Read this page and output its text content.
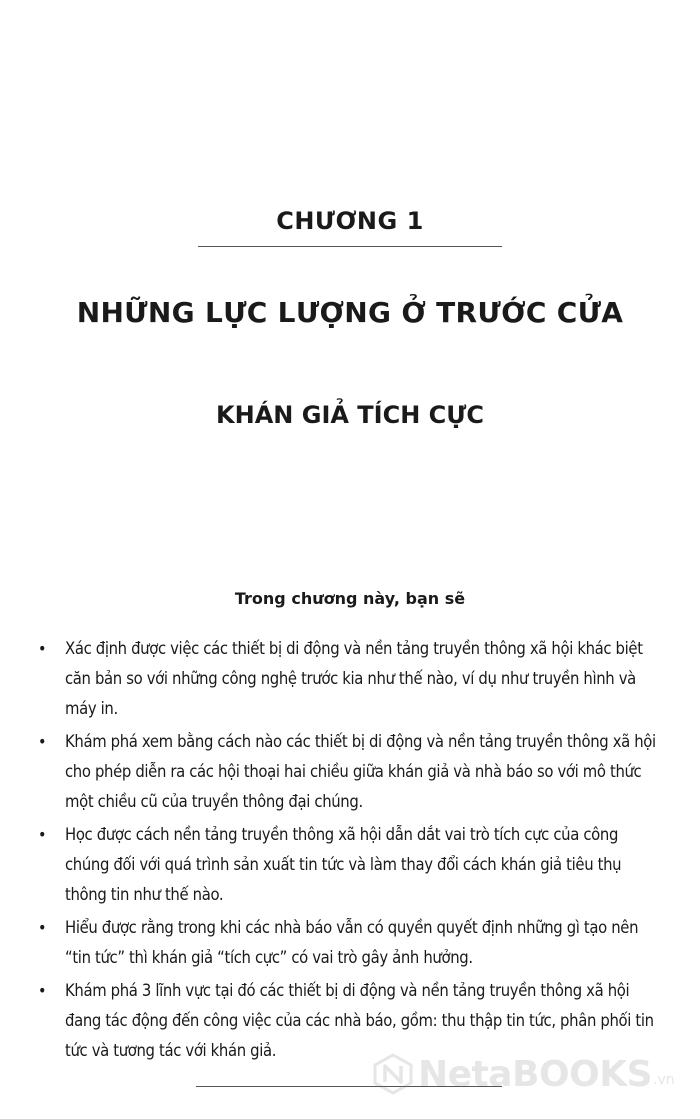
CHƯƠNG 1
NHỮNG LỰC LƯỢNG Ở TRƯỚC CỬA
KHÁN GIẢ TÍCH CỰC
Trong chương này, bạn sẽ
• Xác định được việc các thiết bị di động và nền tảng truyền thông xã hội khác biệt căn bản so với những công nghệ trước kia như thế nào, ví dụ như truyền hình và máy in.
• Khám phá xem bằng cách nào các thiết bị di động và nền tảng truyền thông xã hội cho phép diễn ra các hội thoại hai chiều giữa khán giả và nhà báo so với mô thức một chiều cũ của truyền thông đại chúng.
• Học được cách nền tảng truyền thông xã hội dẫn dắt vai trò tích cực của công chúng đối với quá trình sản xuất tin tức và làm thay đổi cách khán giả tiêu thụ thông tin như thế nào.
• Hiểu được rằng trong khi các nhà báo vẫn có quyền quyết định những gì tạo nên “tin tức” thì khán giả “tích cực” có vai trò gây ảnh hưởng.
• Khám phá 3 lĩnh vực tại đó các thiết bị di động và nền tảng truyền thông xã hội đang tác động đến công việc của các nhà báo, gồm: thu thập tin tức, phân phối tin tức và tương tác với khán giả.
NetaBOOKS .vn
